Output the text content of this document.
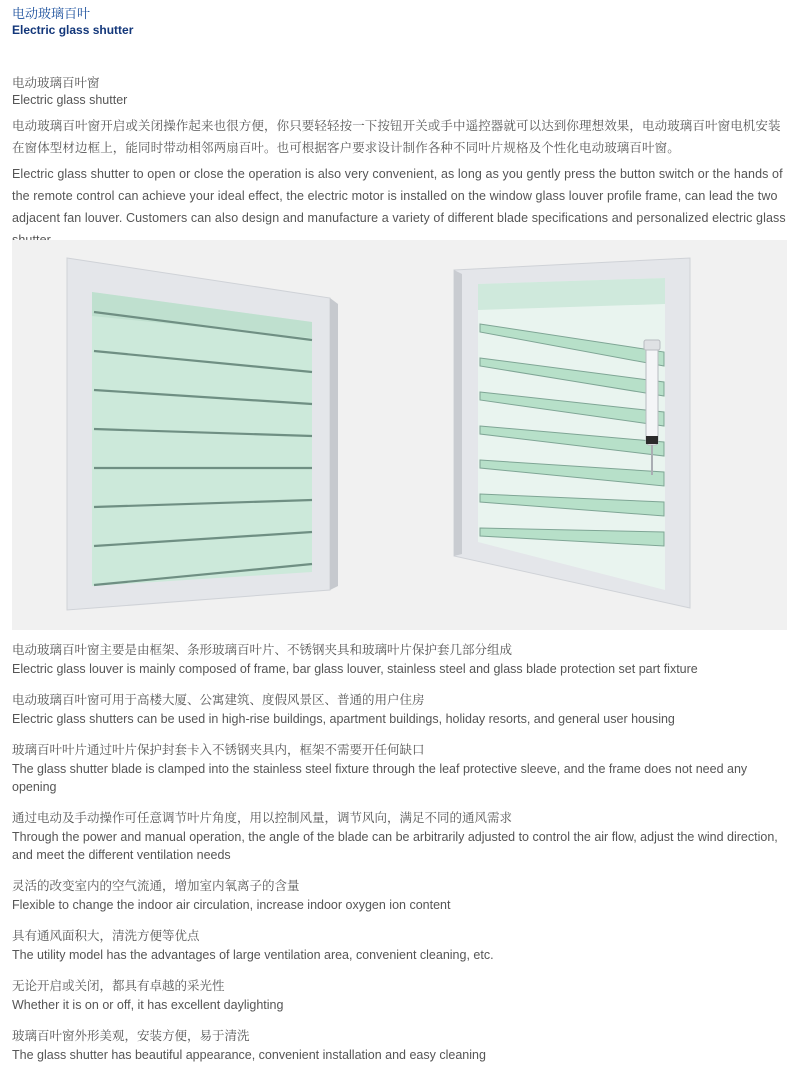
电动玻璃百叶
Electric glass shutter
电动玻璃百叶窗
Electric glass shutter

电动玻璃百叶窗开启或关闭操作起来也很方便，你只要轻轻按一下按钮开关或手中遥控器就可以达到你理想效果，电动玻璃百叶窗电机安装在窗体型材边框上，能同时带动相邻两扇百叶。也可根据客户要求设计制作各种不同叶片规格及个性化电动玻璃百叶窗。

Electric glass shutter to open or close the operation is also very convenient, as long as you gently press the button switch or the hands of the remote control can achieve your ideal effect, the electric motor is installed on the window glass louver profile frame, can lead the two adjacent fan louver. Customers can also design and manufacture a variety of different blade specifications and personalized electric glass

电动玻璃百叶窗主要是由框架、条形玻璃百叶片、不锈钢夹具和玻璃叶片保护套几部分组成
Electric glass louver is mainly composed of frame, bar glass louver, stainless steel and glass blade protection set part fixture
电动玻璃百叶窗可用于高楼大厦、公寓建筑、度假风景区、普通的用户住房
Electric glass shutters can be used in high-rise buildings, apartment buildings, holiday resorts, and general user housing
玻璃百叶叶片通过叶片保护封套卡入不锈钢夹具内，框架不需要开任何缺口
The glass shutter blade is clamped into the stainless steel fixture through the leaf protective sleeve, and the frame does not need any opening
通过电动及手动操作可任意调节叶片角度，用以控制风量，调节风向，满足不同的通风需求
Through the power and manual operation, the angle of the blade can be arbitrarily adjusted to control the air flow, adjust the wind direction, and meet the different ventilation needs
灵活的改变室内的空气流通，增加室内氧离子的含量
Flexible to change the indoor air circulation, increase indoor oxygen ion content
具有通风面积大，清洗方便等优点
The utility model has the advantages of large ventilation area, convenient cleaning, etc.
无论开启或关闭，都具有卓越的采光性
Whether it is on or off, it has excellent daylighting
玻璃百叶窗外形美观，安装方便，易于清洗
The glass shutter has beautiful appearance, convenient installation and easy cleaning
